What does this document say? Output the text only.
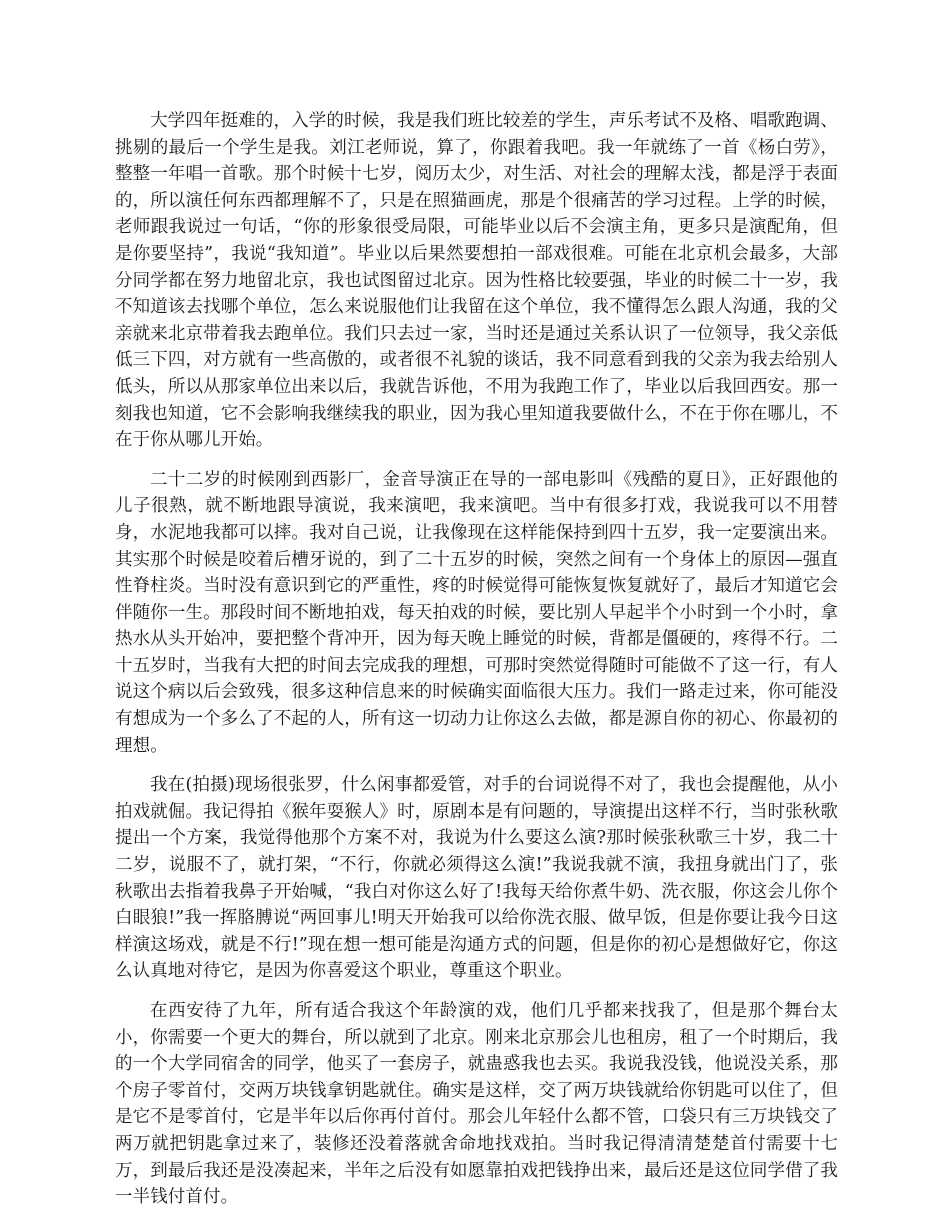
大学四年挺难的，入学的时候，我是我们班比较差的学生，声乐考试不及格、唱歌跑调、挑剔的最后一个学生是我。刘江老师说，算了，你跟着我吧。我一年就练了一首《杨白劳》，整整一年唱一首歌。那个时候十七岁，阅历太少，对生活、对社会的理解太浅，都是浮于表面的，所以演任何东西都理解不了，只是在照猫画虎，那是个很痛苦的学习过程。上学的时候，老师跟我说过一句话，“你的形象很受局限，可能毕业以后不会演主角，更多只是演配角，但是你要坚持”，我说“我知道”。毕业以后果然要想拍一部戏很难。可能在北京机会最多，大部分同学都在努力地留北京，我也试图留过北京。因为性格比较要强，毕业的时候二十一岁，我不知道该去找哪个单位，怎么来说服他们让我留在这个单位，我不懂得怎么跟人沟通，我的父亲就来北京带着我去跑单位。我们只去过一家，当时还是通过关系认识了一位领导，我父亲低低三下四，对方就有一些高傲的，或者很不礼貌的谈话，我不同意看到我的父亲为我去给别人低头，所以从那家单位出来以后，我就告诉他，不用为我跑工作了，毕业以后我回西安。那一刻我也知道，它不会影响我继续我的职业，因为我心里知道我要做什么，不在于你在哪儿，不在于你从哪儿开始。

二十二岁的时候刚到西影厂，金音导演正在导的一部电影叫《残酷的夏日》，正好跟他的儿子很熟，就不断地跟导演说，我来演吧，我来演吧。当中有很多打戏，我说我可以不用替身，水泥地我都可以摔。我对自己说，让我像现在这样能保持到四十五岁，我一定要演出来。其实那个时候是咬着后槽牙说的，到了二十五岁的时候，突然之间有一个身体上的原因—强直性脊柱炎。当时没有意识到它的严重性，疼的时候觉得可能恢复恢复就好了，最后才知道它会伴随你一生。那段时间不断地拍戏，每天拍戏的时候，要比别人早起半个小时到一个小时，拿热水从头开始冲，要把整个背冲开，因为每天晚上睡觉的时候，背都是僵硬的，疼得不行。二十五岁时，当我有大把的时间去完成我的理想，可那时突然觉得随时可能做不了这一行，有人说这个病以后会致残，很多这种信息来的时候确实面临很大压力。我们一路走过来，你可能没有想成为一个多么了不起的人，所有这一切动力让你这么去做，都是源自你的初心、你最初的理想。

我在(拍摄)现场很张罗，什么闲事都爱管，对手的台词说得不对了，我也会提醒他，从小拍戏就倔。我记得拍《猴年耍猴人》时，原剧本是有问题的，导演提出这样不行，当时张秋歌提出一个方案，我觉得他那个方案不对，我说为什么要这么演?那时候张秋歌三十岁，我二十二岁，说服不了，就打架，“不行，你就必须得这么演!”我说我就不演，我扭身就出门了，张秋歌出去指着我鼻子开始喊，“我白对你这么好了!我每天给你煮牛奶、洗衣服，你这会儿你个白眼狼!”我一挥胳膊说“两回事儿!明天开始我可以给你洗衣服、做早饭，但是你要让我今日这样演这场戏，就是不行!”现在想一想可能是沟通方式的问题，但是你的初心是想做好它，你这么认真地对待它，是因为你喜爱这个职业，尊重这个职业。

在西安待了九年，所有适合我这个年龄演的戏，他们几乎都来找我了，但是那个舞台太小，你需要一个更大的舞台，所以就到了北京。刚来北京那会儿也租房，租了一个时期后，我的一个大学同宿舍的同学，他买了一套房子，就蛊惑我也去买。我说我没钱，他说没关系，那个房子零首付，交两万块钱拿钥匙就住。确实是这样，交了两万块钱就给你钥匙可以住了，但是它不是零首付，它是半年以后你再付首付。那会儿年轻什么都不管，口袋只有三万块钱交了两万就把钥匙拿过来了，装修还没着落就舍命地找戏拍。当时我记得清清楚楚首付需要十七万，到最后我还是没凑起来，半年之后没有如愿靠拍戏把钱挣出来，最后还是这位同学借了我一半钱付首付。
